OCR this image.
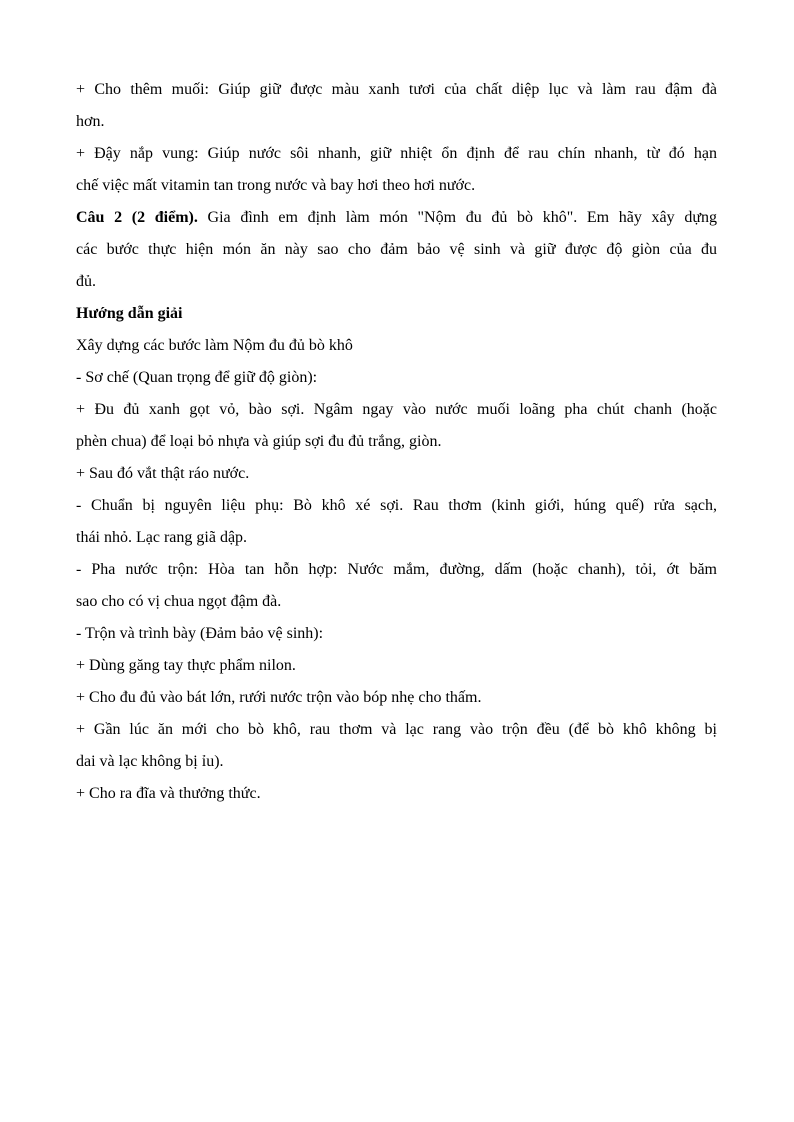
+ Cho thêm muối: Giúp giữ được màu xanh tươi của chất diệp lục và làm rau đậm đà
hơn.
+ Đậy nắp vung: Giúp nước sôi nhanh, giữ nhiệt ổn định để rau chín nhanh, từ đó hạn
chế việc mất vitamin tan trong nước và bay hơi theo hơi nước.
Câu 2 (2 điểm). Gia đình em định làm món "Nộm đu đủ bò khô". Em hãy xây dựng
các bước thực hiện món ăn này sao cho đảm bảo vệ sinh và giữ được độ giòn của đu
đủ.
Hướng dẫn giải
Xây dựng các bước làm Nộm đu đủ bò khô
- Sơ chế (Quan trọng để giữ độ giòn):
+ Đu đủ xanh gọt vỏ, bào sợi. Ngâm ngay vào nước muối loãng pha chút chanh (hoặc
phèn chua) để loại bỏ nhựa và giúp sợi đu đủ trắng, giòn.
+ Sau đó vắt thật ráo nước.
- Chuẩn bị nguyên liệu phụ: Bò khô xé sợi. Rau thơm (kinh giới, húng quế) rửa sạch,
thái nhỏ. Lạc rang giã dập.
- Pha nước trộn: Hòa tan hỗn hợp: Nước mắm, đường, dấm (hoặc chanh), tỏi, ớt băm
sao cho có vị chua ngọt đậm đà.
- Trộn và trình bày (Đảm bảo vệ sinh):
+ Dùng găng tay thực phẩm nilon.
+ Cho đu đủ vào bát lớn, rưới nước trộn vào bóp nhẹ cho thấm.
+ Gần lúc ăn mới cho bò khô, rau thơm và lạc rang vào trộn đều (để bò khô không bị
dai và lạc không bị ỉu).
+ Cho ra đĩa và thưởng thức.
